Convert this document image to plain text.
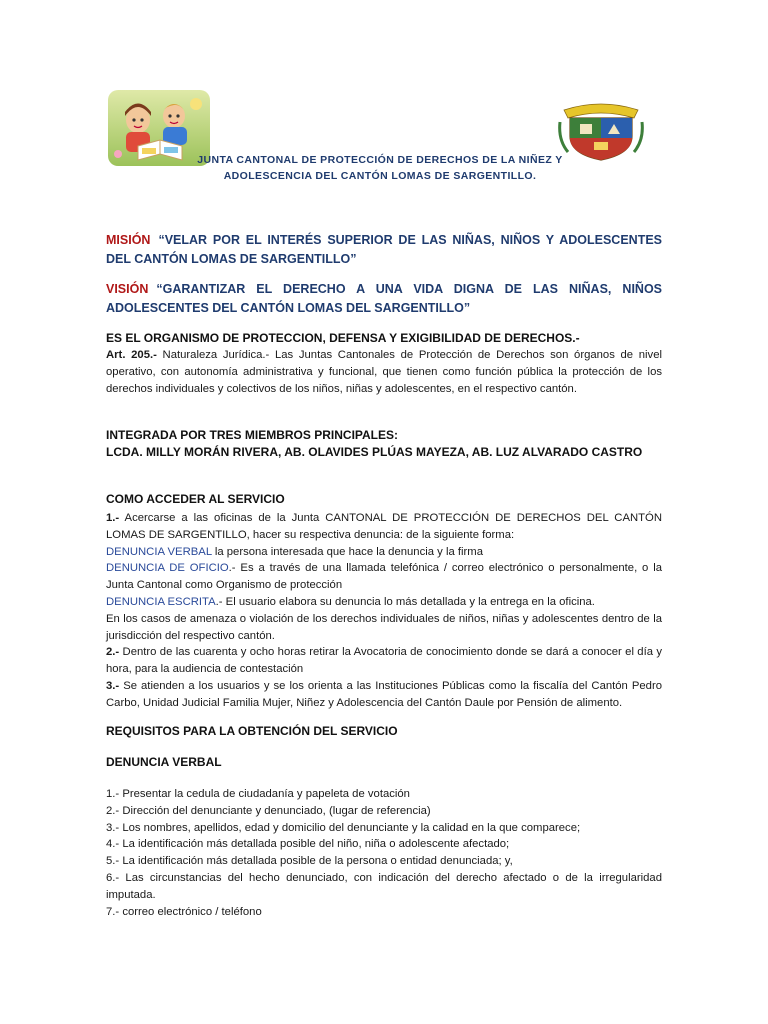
JUNTA CANTONAL DE PROTECCIÓN DE DERECHOS DE LA NIÑEZ Y
ADOLESCENCIA DEL CANTÓN LOMAS DE SARGENTILLO.
MISIÓN “VELAR POR EL INTERÉS SUPERIOR DE LAS NIÑAS, NIÑOS Y ADOLESCENTES DEL CANTÓN LOMAS DE SARGENTILLO”
VISIÓN “GARANTIZAR EL DERECHO A UNA VIDA DIGNA DE LAS NIÑAS, NIÑOS ADOLESCENTES DEL CANTÓN LOMAS DEL SARGENTILLO”
ES EL ORGANISMO DE PROTECCION, DEFENSA Y EXIGIBILIDAD DE DERECHOS.-
Art. 205.- Naturaleza Jurídica.- Las Juntas Cantonales de Protección de Derechos son órganos de nivel operativo, con autonomía administrativa y funcional, que tienen como función pública la protección de los derechos individuales y colectivos de los niños, niñas y adolescentes, en el respectivo cantón.
INTEGRADA POR TRES MIEMBROS PRINCIPALES:
LCDA. MILLY MORÁN RIVERA, AB. OLAVIDES PLÚAS MAYEZA, AB. LUZ ALVARADO CASTRO
COMO ACCEDER AL SERVICIO

1.- Acercarse a las oficinas de la Junta CANTONAL DE PROTECCIÓN DE DERECHOS DEL CANTÓN LOMAS DE SARGENTILLO, hacer su respectiva denuncia: de la siguiente forma:

DENUNCIA VERBAL la persona interesada que hace la denuncia y la firma

DENUNCIA DE OFICIO.- Es a través de una llamada telefónica / correo electrónico o personalmente, o la Junta Cantonal como Organismo de protección

DENUNCIA ESCRITA.- El usuario elabora su denuncia lo más detallada y la entrega en la oficina.

En los casos de amenaza o violación de los derechos individuales de niños, niñas y adolescentes dentro de la jurisdicción del respectivo cantón.

2.- Dentro de las cuarenta y ocho horas retirar la Avocatoria de conocimiento donde se dará a conocer el día y hora, para la audiencia de contestación

3.- Se atienden a los usuarios y se los orienta a las Instituciones Públicas como la fiscalía del Cantón Pedro Carbo, Unidad Judicial Familia Mujer, Niñez y Adolescencia del Cantón Daule por Pensión de alimento.

REQUISITOS PARA LA OBTENCIÓN DEL SERVICIO
DENUNCIA VERBAL
1.- Presentar la cedula de ciudadanía y papeleta de votación
2.- Dirección del denunciante y denunciado, (lugar de referencia)
3.- Los nombres, apellidos, edad y domicilio del denunciante y la calidad en la que comparece;
4.- La identificación más detallada posible del niño, niña o adolescente afectado;
5.- La identificación más detallada posible de la persona o entidad denunciada; y,
6.- Las circunstancias del hecho denunciado, con indicación del derecho afectado o de la irregularidad imputada.
7.- correo electrónico / teléfono
